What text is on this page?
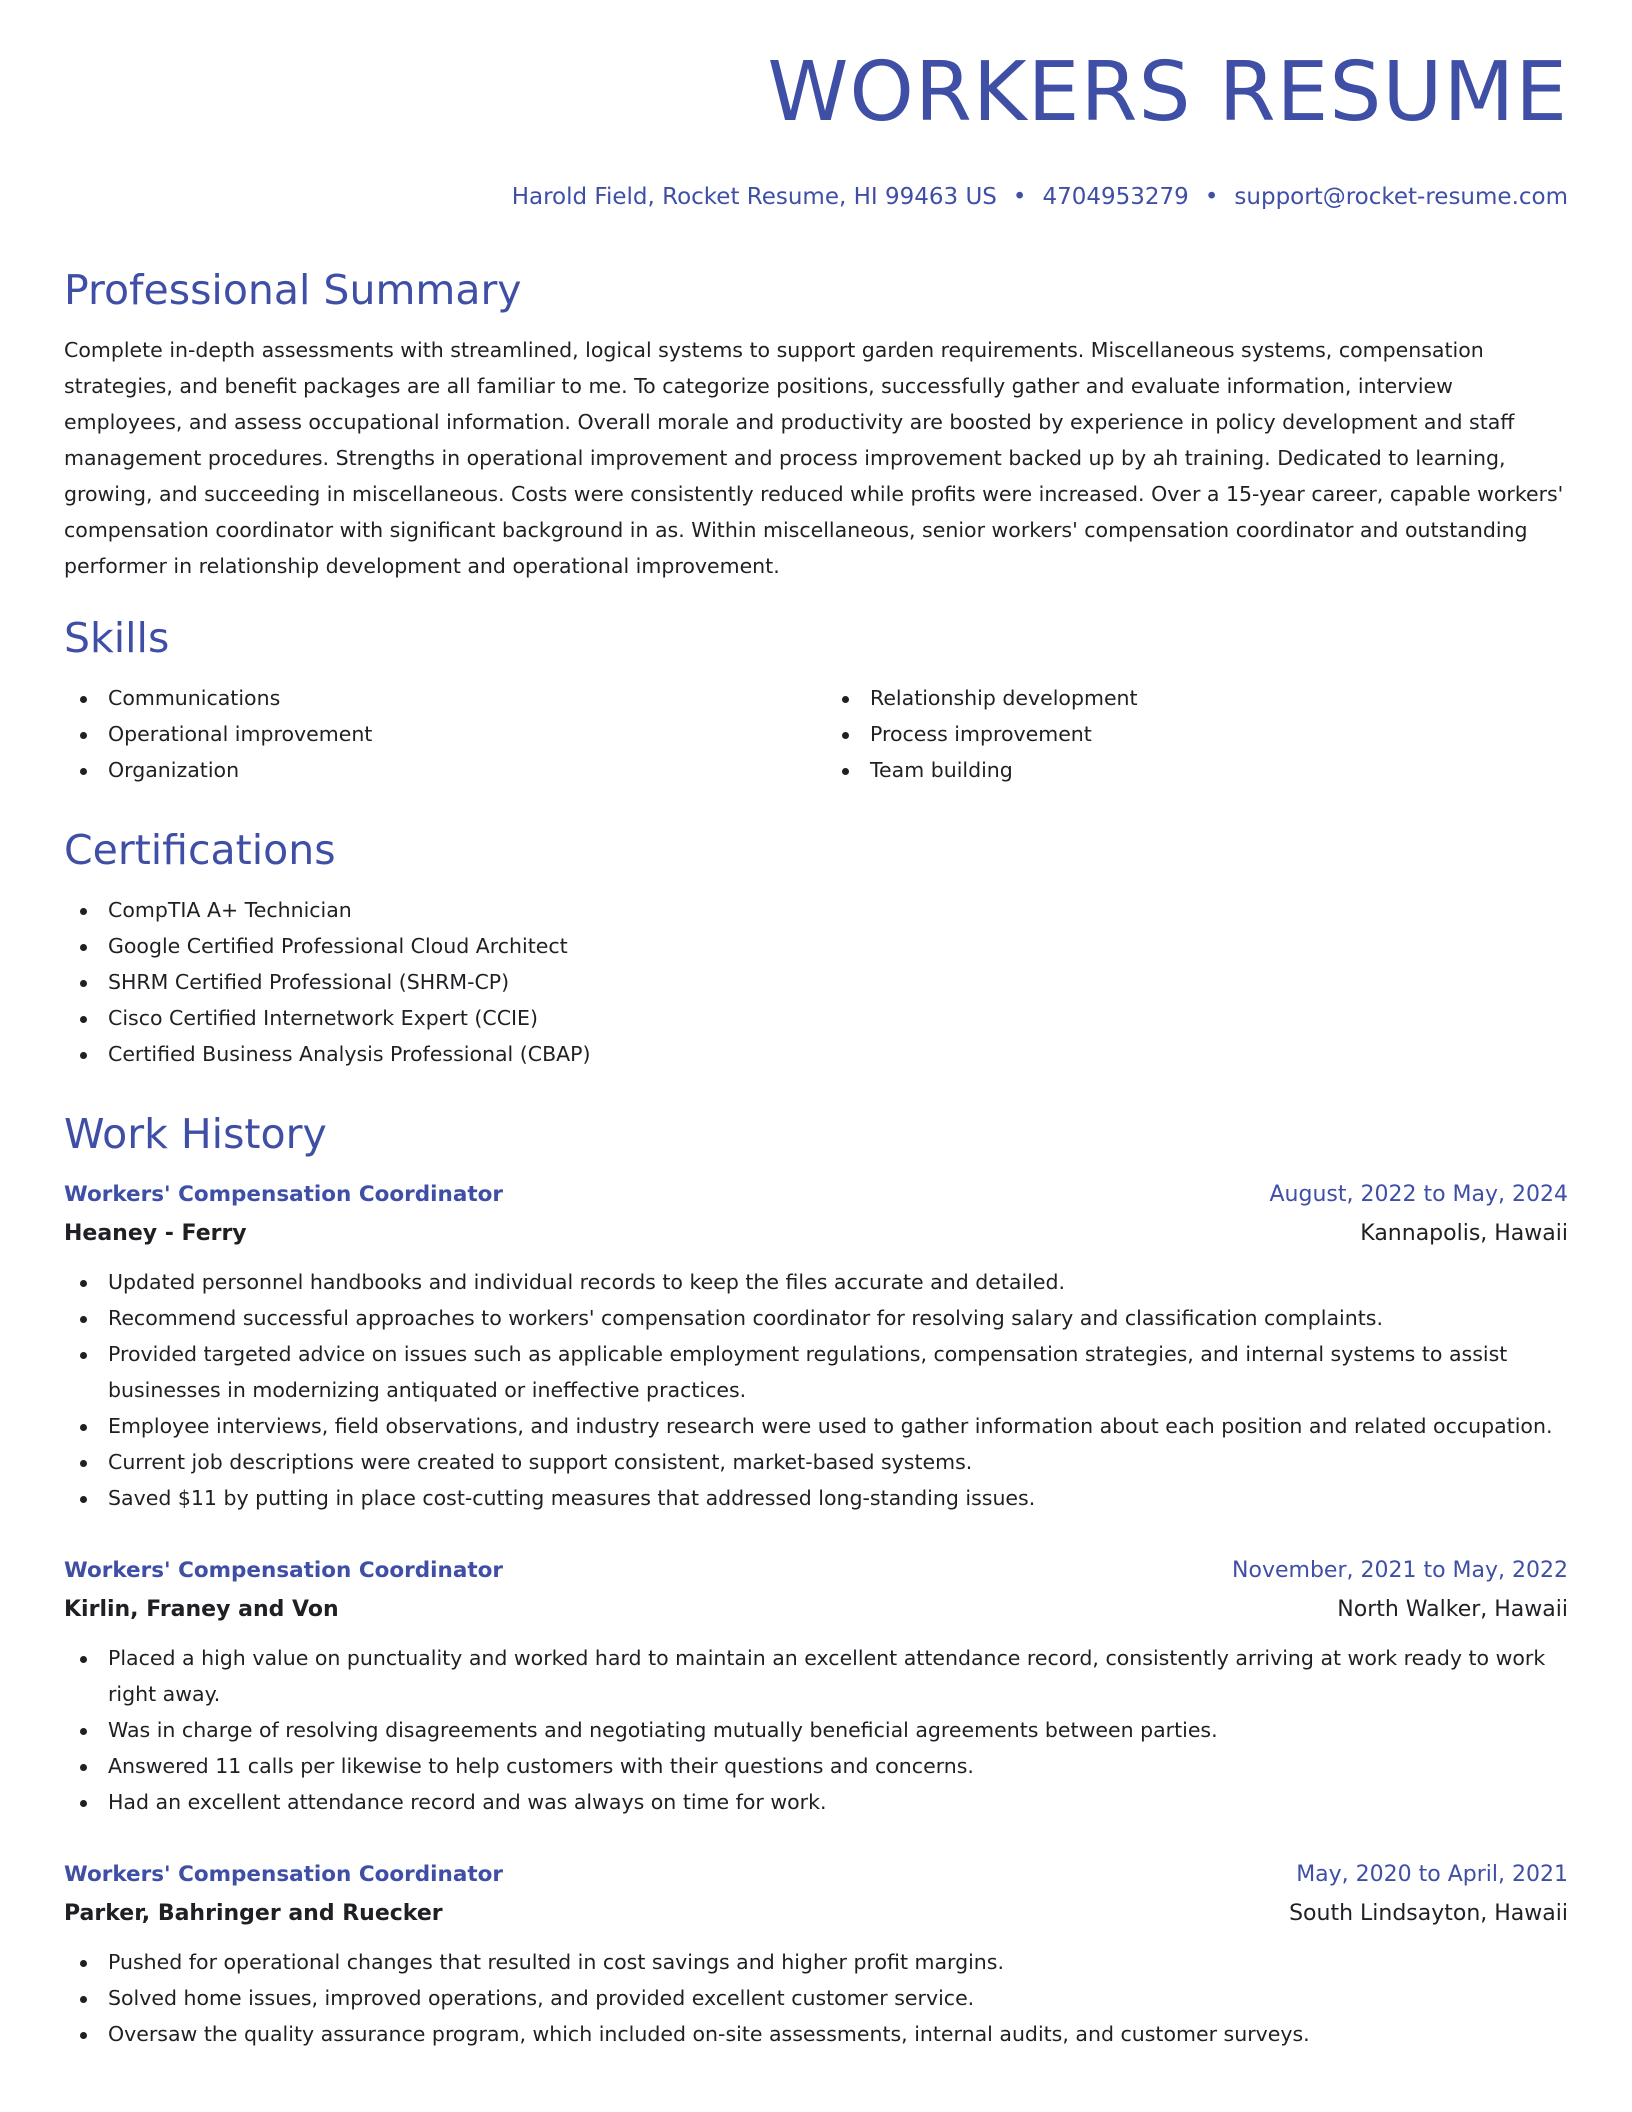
WORKERS RESUME
Harold Field, Rocket Resume, HI 99463 US • 4704953279 • support@rocket-resume.com
Professional Summary

Complete in-depth assessments with streamlined, logical systems to support garden requirements. Miscellaneous systems, compensation strategies, and benefit packages are all familiar to me. To categorize positions, successfully gather and evaluate information, interview employees, and assess occupational information. Overall morale and productivity are boosted by experience in policy development and staff management procedures. Strengths in operational improvement and process improvement backed up by ah training. Dedicated to learning, growing, and succeeding in miscellaneous. Costs were consistently reduced while profits were increased. Over a 15-year career, capable workers' compensation coordinator with significant background in as. Within miscellaneous, senior workers' compensation coordinator and outstanding performer in relationship development and operational improvement.

Skills
Communications
Operational improvement
Organization
Relationship development
Process improvement
Team building
Certifications
CompTIA A+ Technician
Google Certified Professional Cloud Architect
SHRM Certified Professional (SHRM-CP)
Cisco Certified Internetwork Expert (CCIE)
Certified Business Analysis Professional (CBAP)
Work History
Workers' Compensation Coordinator	August, 2022 to May, 2024
Heaney - Ferry	Kannapolis, Hawaii
Updated personnel handbooks and individual records to keep the files accurate and detailed.
Recommend successful approaches to workers' compensation coordinator for resolving salary and classification complaints.
Provided targeted advice on issues such as applicable employment regulations, compensation strategies, and internal systems to assist businesses in modernizing antiquated or ineffective practices.
Employee interviews, field observations, and industry research were used to gather information about each position and related occupation.
Current job descriptions were created to support consistent, market-based systems.
Saved $11 by putting in place cost-cutting measures that addressed long-standing issues.
Workers' Compensation Coordinator	November, 2021 to May, 2022
Kirlin, Franey and Von	North Walker, Hawaii
Placed a high value on punctuality and worked hard to maintain an excellent attendance record, consistently arriving at work ready to work right away.
Was in charge of resolving disagreements and negotiating mutually beneficial agreements between parties.
Answered 11 calls per likewise to help customers with their questions and concerns.
Had an excellent attendance record and was always on time for work.
Workers' Compensation Coordinator	May, 2020 to April, 2021
Parker, Bahringer and Ruecker	South Lindsayton, Hawaii
Pushed for operational changes that resulted in cost savings and higher profit margins.
Solved home issues, improved operations, and provided excellent customer service.
Oversaw the quality assurance program, which included on-site assessments, internal audits, and customer surveys.
